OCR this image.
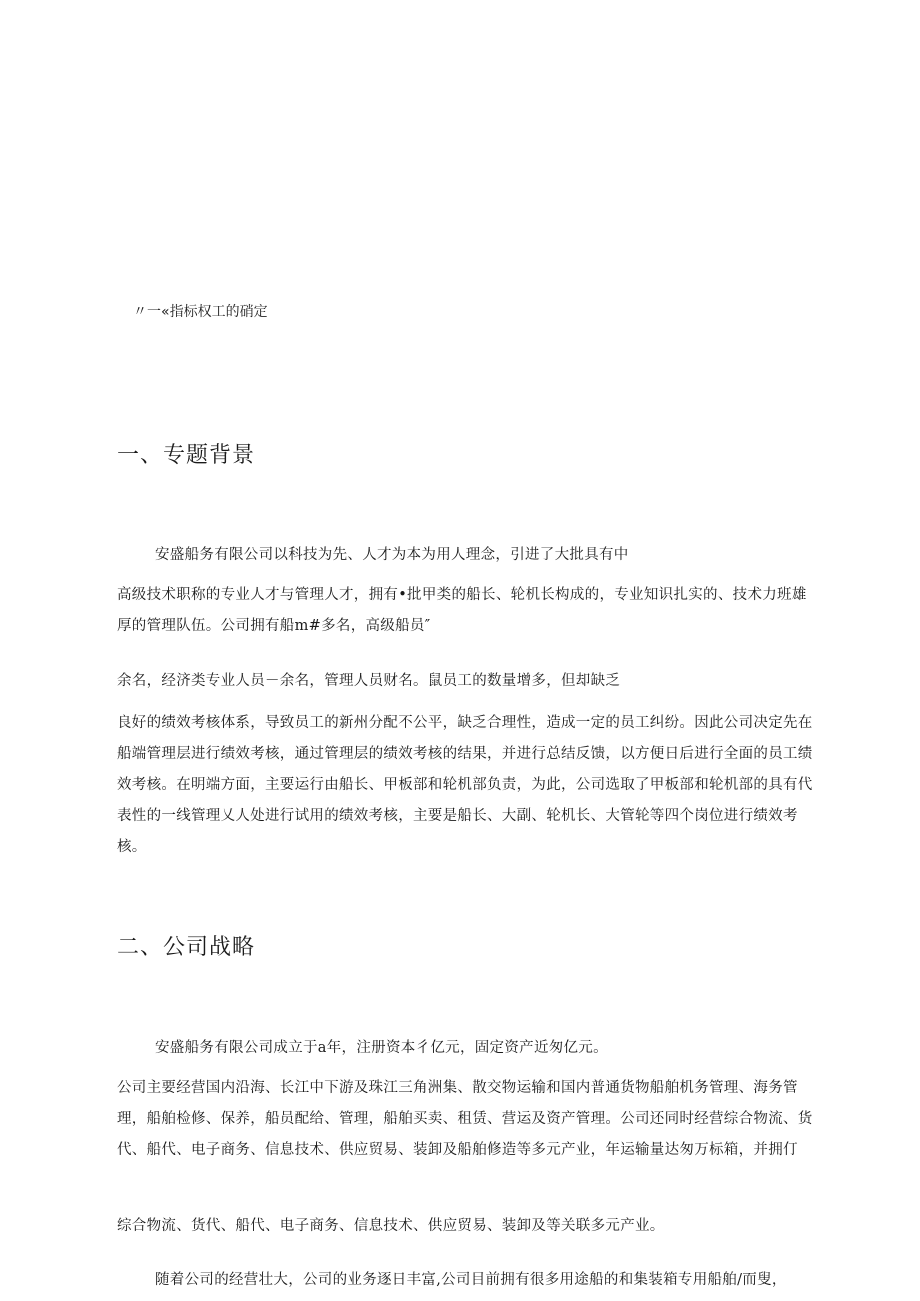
〃一«指标权工的硝定
一、专题背景

安盛船务有限公司以科技为先、人才为本为用人理念，引进了大批具有中

高级技术职称的专业人才与管理人才，拥有•批甲类的船长、轮机长构成的，专业知识扎实的、技术力班雄厚的管理队伍。公司拥有船m#多名，高级船员″

余名，经济类专业人员－余名，管理人员财名。鼠员工的数量增多，但却缺乏

良好的绩效考核体系，导致员工的新州分配不公平，缺乏合理性，造成一定的员工纠纷。因此公司决定先在船端管理层进行绩效考核，通过管理层的绩效考核的结果，并进行总结反馈，以方便日后进行全面的员工绩效考核。在明端方面，主要运行由船长、甲板部和轮机部负责，为此，公司选取了甲板部和轮机部的具有代表性的一线管理乂人处进行试用的绩效考核，主要是船长、大副、轮机长、大管轮等四个岗位进行绩效考核。

二、公司战略

安盛船务有限公司成立于a年，注册资本彳亿元，固定资产近匆亿元。

公司主要经营国内沿海、长江中下游及珠江三角洲集、散交物运输和国内普通货物船舶机务管理、海务管理，船舶检修、保养，船员配给、管理，船舶买卖、租赁、营运及资产管理。公司还同时经营综合物流、货代、船代、电子商务、信息技术、供应贸易、装卸及船舶修造等多元产业，年运输量达匆万标箱，并拥仃

综合物流、货代、船代、电子商务、信息技术、供应贸易、装卸及等关联多元产业。

随着公司的经营壮大，公司的业务逐日丰富,公司目前拥有很多用途船的和集装箱专用船舶/而叟，
